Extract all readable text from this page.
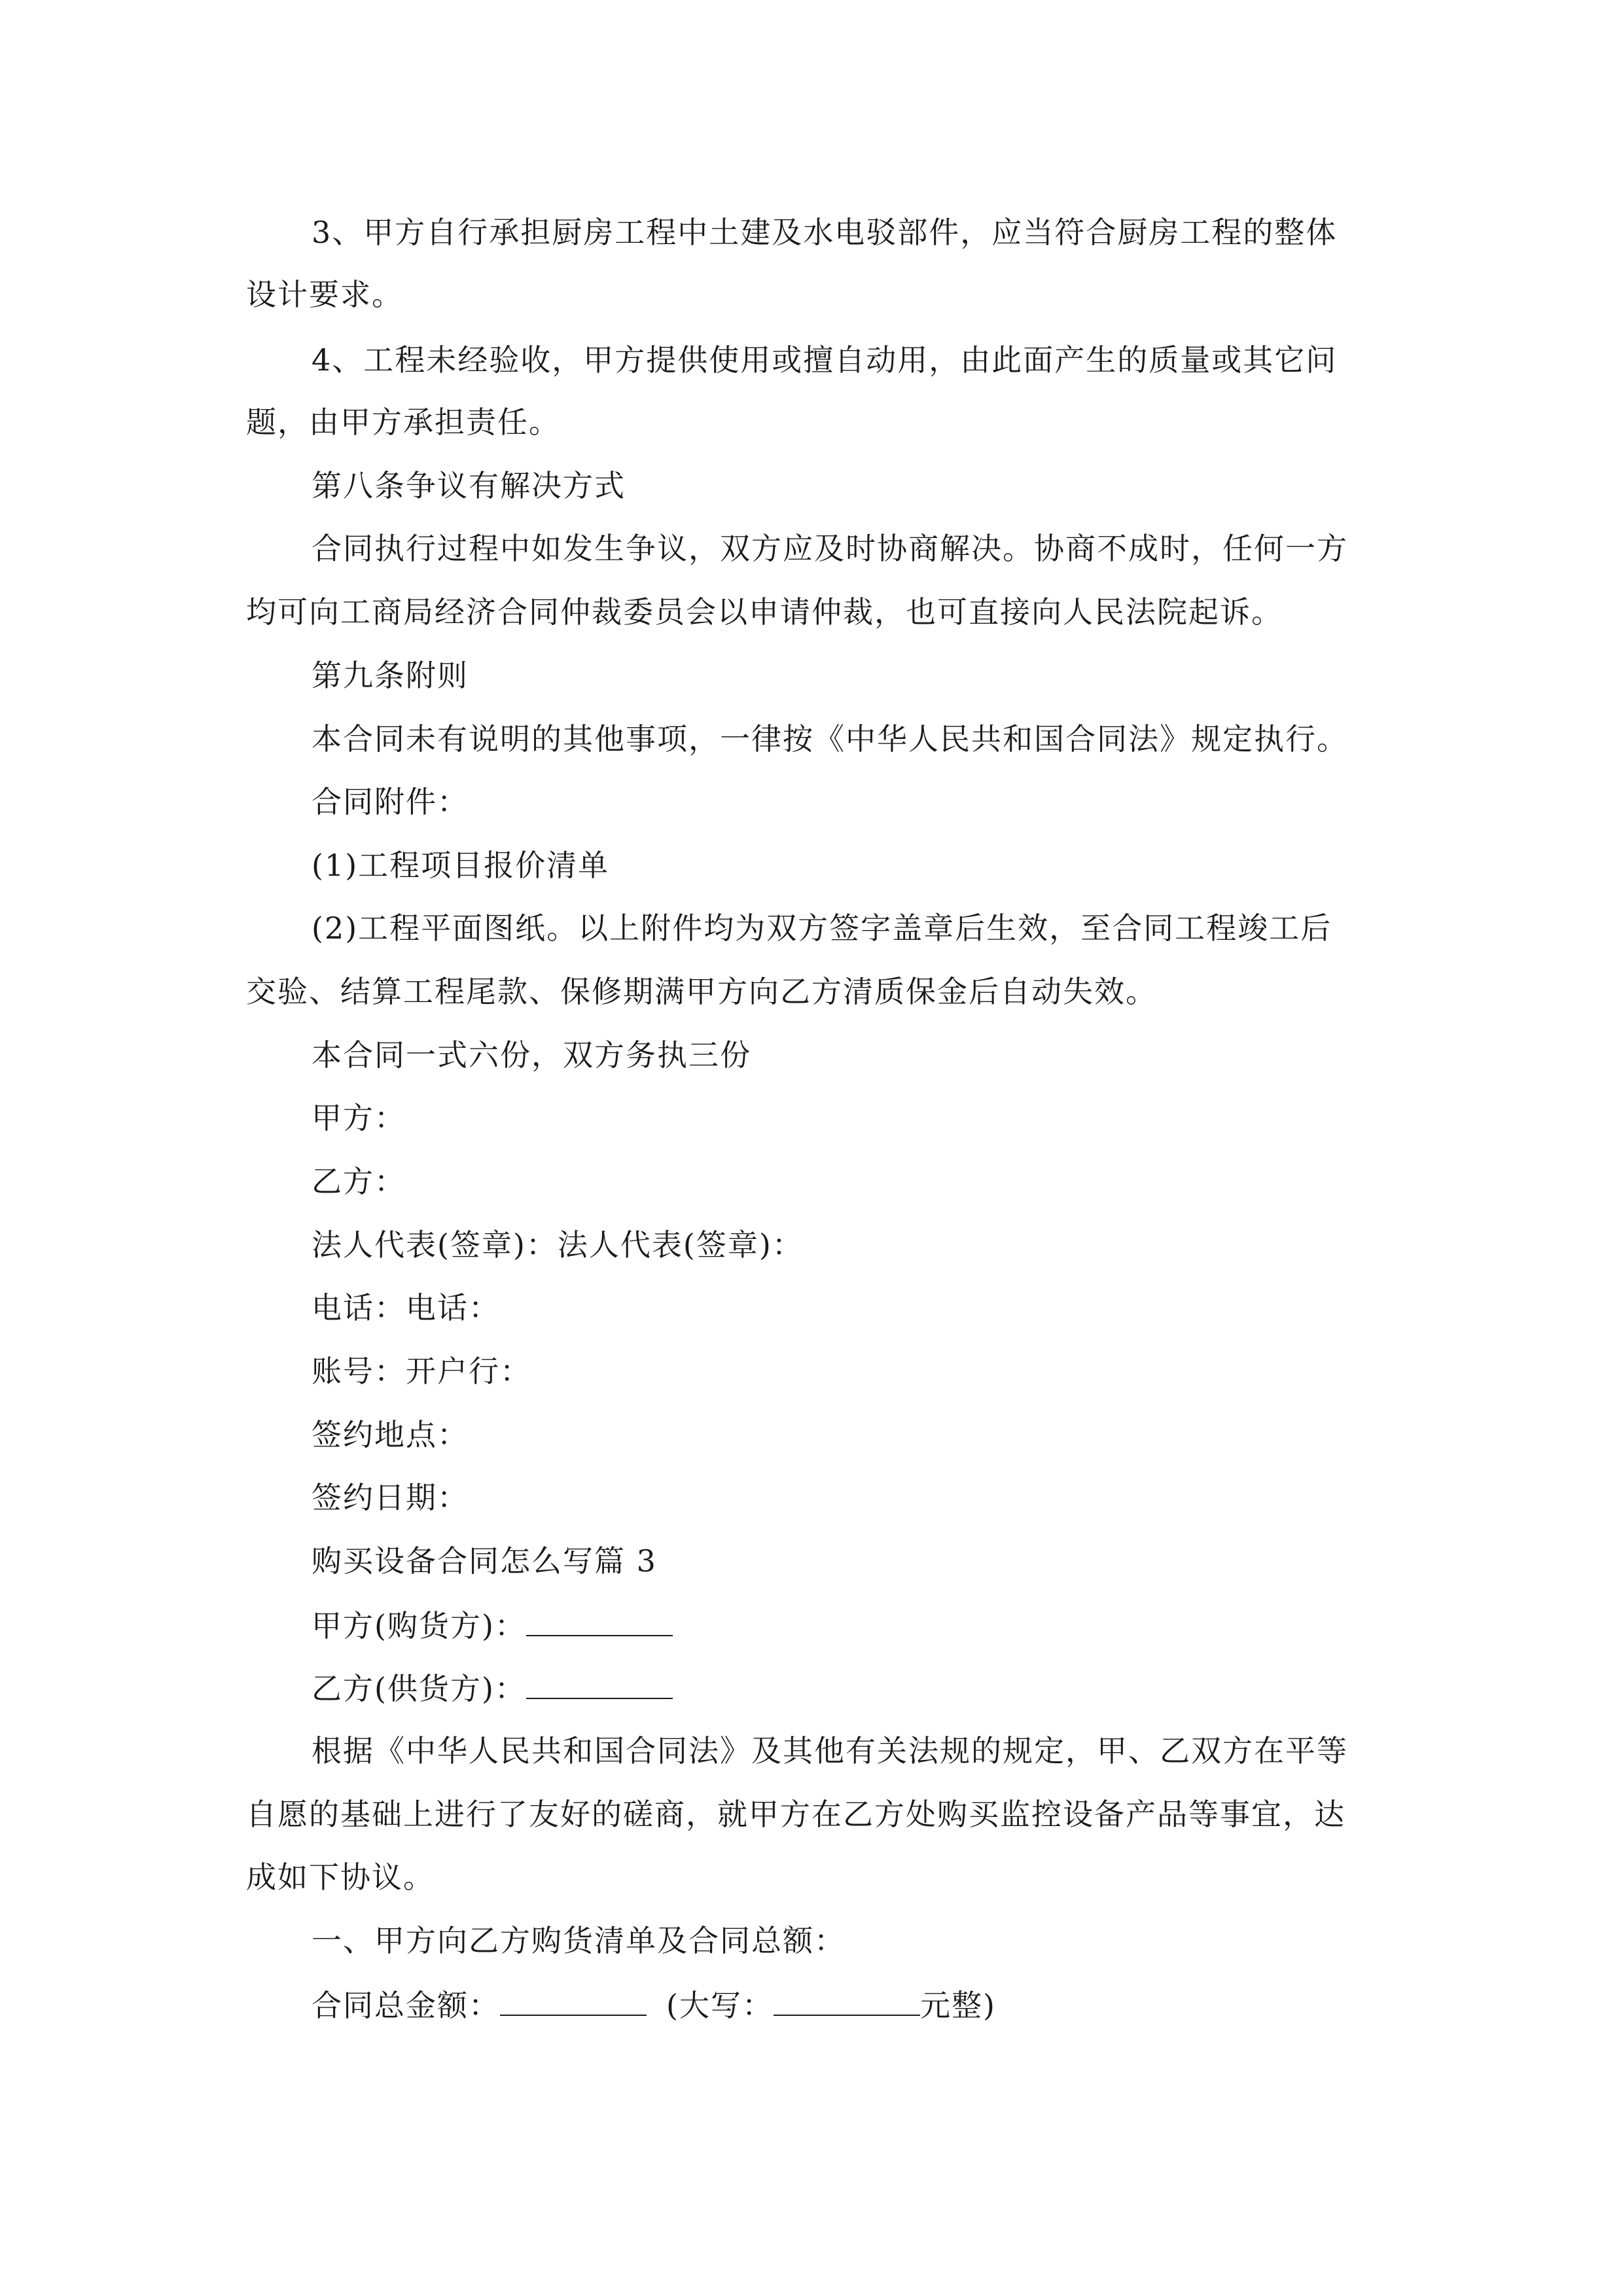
3、甲方自行承担厨房工程中土建及水电驳部件，应当符合厨房工程的整体
设计要求。
4、工程未经验收，甲方提供使用或擅自动用，由此面产生的质量或其它问
题，由甲方承担责任。
第八条争议有解决方式
合同执行过程中如发生争议，双方应及时协商解决。协商不成时，任何一方
均可向工商局经济合同仲裁委员会以申请仲裁，也可直接向人民法院起诉。
第九条附则
本合同未有说明的其他事项，一律按《中华人民共和国合同法》规定执行。
合同附件：
(1)工程项目报价清单
(2)工程平面图纸。以上附件均为双方签字盖章后生效，至合同工程竣工后
交验、结算工程尾款、保修期满甲方向乙方清质保金后自动失效。
本合同一式六份，双方务执三份
甲方：
乙方：
法人代表(签章)：法人代表(签章)：
电话：电话：
账号：开户行：
签约地点：
签约日期：
购买设备合同怎么写篇 3
甲方(购货方)：
乙方(供货方)：
根据《中华人民共和国合同法》及其他有关法规的规定，甲、乙双方在平等
自愿的基础上进行了友好的磋商，就甲方在乙方处购买监控设备产品等事宜，达
成如下协议。
一、甲方向乙方购货清单及合同总额：
合同总金额：	(大写：	元整)
